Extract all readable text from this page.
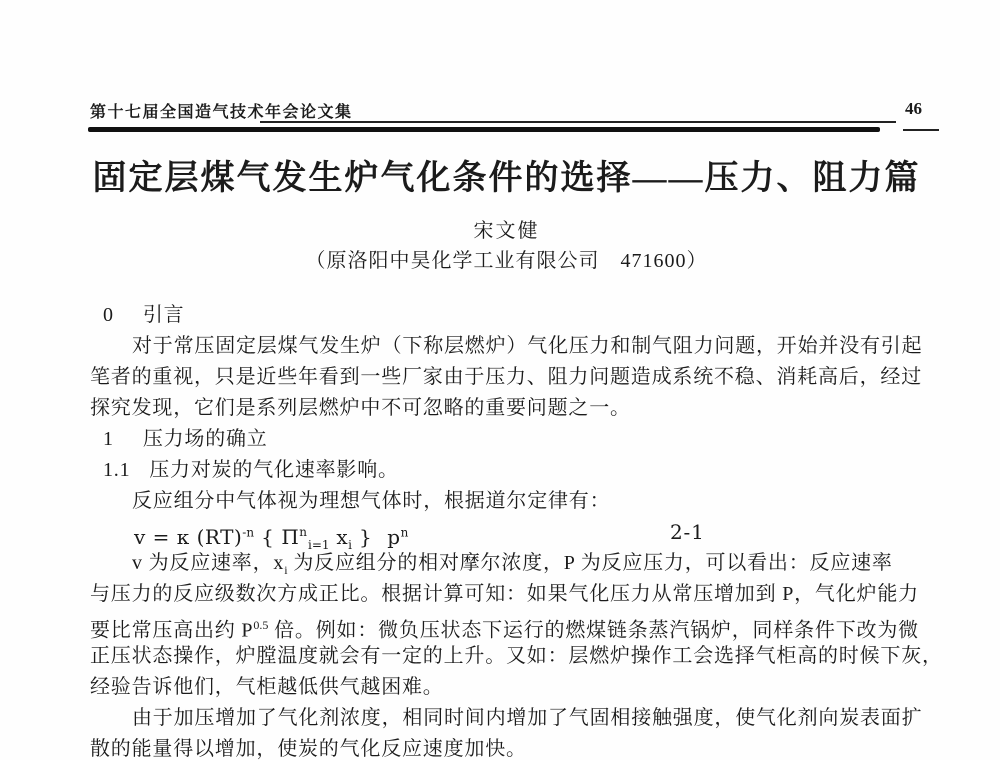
第十七届全国造气技术年会论文集	46
固定层煤气发生炉气化条件的选择——压力、阻力篇
宋文健
（原洛阳中昊化学工业有限公司　471600）
0 引言
对于常压固定层煤气发生炉（下称层燃炉）气化压力和制气阻力问题，开始并没有引起
笔者的重视，只是近些年看到一些厂家由于压力、阻力问题造成系统不稳、消耗高后，经过
探究发现，它们是系列层燃炉中不可忽略的重要问题之一。
1 压力场的确立
1.1 压力对炭的气化速率影响。
反应组分中气体视为理想气体时，根据道尔定律有：
v = κ (RT)$^{-n}$ { $\Pi^n_{i=1}$ $x_i$ } $p^n$	2-1
v 为反应速率，$x_i$ 为反应组分的相对摩尔浓度，P 为反应压力，可以看出：反应速率
与压力的反应级数次方成正比。根据计算可知：如果气化压力从常压增加到 P，气化炉能力
要比常压高出约 $P^{0.5}$ 倍。例如：微负压状态下运行的燃煤链条蒸汽锅炉，同样条件下改为微
正压状态操作，炉膛温度就会有一定的上升。又如：层燃炉操作工会选择气柜高的时候下灰，
经验告诉他们，气柜越低供气越困难。
由于加压增加了气化剂浓度，相同时间内增加了气固相接触强度，使气化剂向炭表面扩
散的能量得以增加，使炭的气化反应速度加快。
